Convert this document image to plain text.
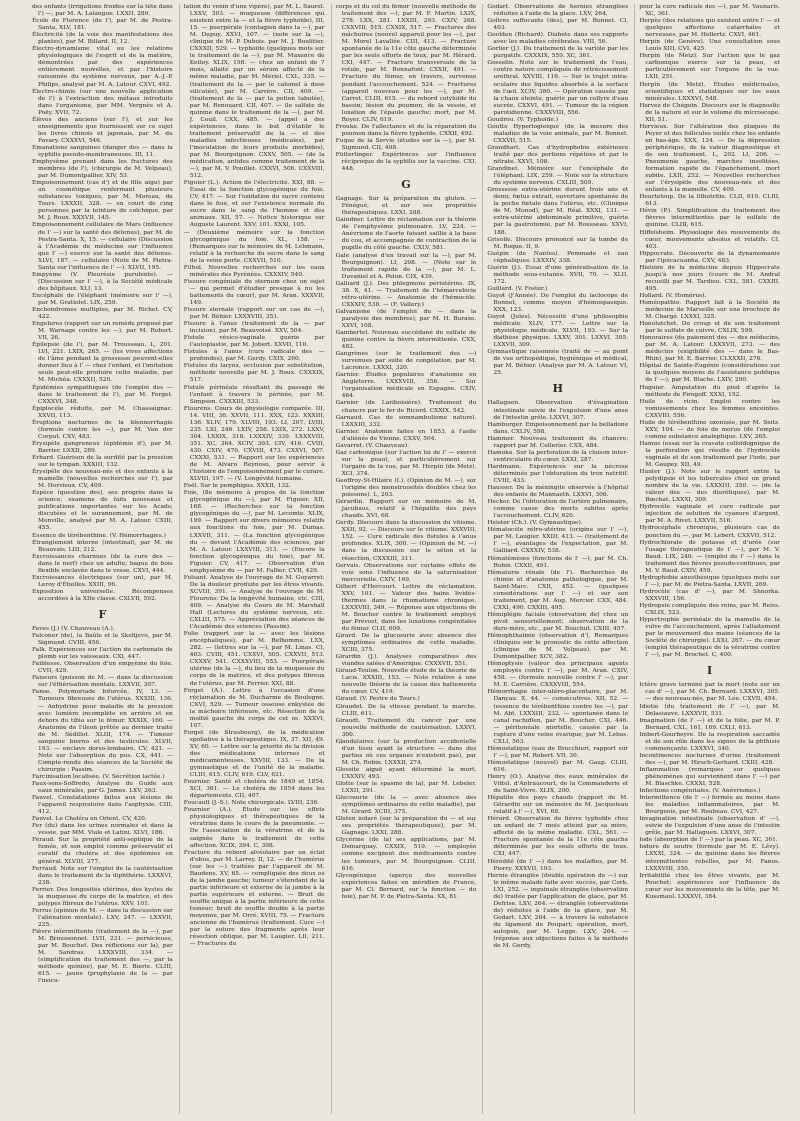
des enfants (irrigations froides sur la tête dans l') —, par M. A. Lalangue. LXXII, 289.

École de Florence (de l'), par M. de Pestra-Santa, XLV, 181.

Électricité (de la voie des manifestations des plantes), par M. Billard. II, 12.

Électro-dynamisme vital ou les relations physiologiques de l'esprit et de la matière, démontrées par des expériences entièrement nouvelles, et par l'histoire raisonnée du système nerveux, par A.-J.-P. Philips, analysé par M. A. Latour. CXVI, 492.

Électro-chimie (sur une nouvelle application de l') à l'extraction des métaux introduits dans l'organisme, par MM. Vergnès et A. Poëy. XVII, 72.

Élèves des anciens (sur l'), et sur les enseignements que fournissent sur ce sujet les livres chinois et japonais, par M. du Pavary. CXXXVI, 546.

Emanations sanguines (danger des — dans la syphilis pseudo-membraneuses. III, 11.

Emphysème prenant dans les fractures des membres (de l'), (chirurgie de M. Velpeau), par M. Dumontpallier. XIV, 53.

Empoisonnement (cas d') et de fille aigu) par un cosmétique renfermant plusieurs substances toxiques, par M. Moreau, de Tours. LXXXII, 328. — en court de cinq personnes par la teinture de colchique, par M. J. Roux. XXXVII, 145.

Empoisonnement cellulaire de Mars (influence de l' —) sur la santé des détenus), par M. de Pestra-Santa. X, 15. — cellulaire (Discussion à l'Académie de médecine sur l'influence que l' —) exerce sur la santé des détenus. XLVI, 187. — cellulaire (Note de M. Pietra-Santa sur l'influence de l' —). XLVII, 195.

Empyème (V. Pleurésie purulente). — (Discussion sur l' —), à la Société médicale des hôpitaux. XLI, 13.

Encéphale de l'éléphant (mémoire sur l' —), par M. Gratiolet. LIX, 259.

Enchondromes multiples, par M. Richet. CV, 422.

Engelures (rapport sur un remède proposé par M. Warnage contre les —), par M. Robert. VII, 26.

Épilepsie (de l'), par M. Trousseau. L, 201. LVI, 221. LXIX, 265. — (les vives affections de l'âme pendant la grossesse peuvent-elles donner lieu à l' — chez l'enfant, et l'imitation seule peut-elle produire cette maladie, par M. Michéa. CXXXII, 520.

Épidémies sympathiques (de l'emploi des — dans le traitement de l'), par M. Forget. CXXXVI, 348.

Épiplocèle réduite, par M. Chassaignac. XXVII, 113.

Éruptions nocturnes de la blennorrhagie (formule contre les —), par M. Van der Corput. CXV, 483.

Érysipèle gangreneux (épidémie d'), par M. Barrier. LXXII, 289.

Erhard. Guérison de la surdité par la pression sur le tympan. XXXIII, 132.

Érysipèle des nouveau-nés et des enfants à la mamelle (nouvelles recherches sur l'), par M. Hervieux. CV, 409.

Espèce (question des), ses progrès dans la science; examens de faits nouveaux et publications importantes sur les Acads; discutées et le surannement, par M. de Monville, analysé par M. A. Latour. CXIII, 455.

Essence de térébenthine. (V. Hémorrhagies.)

Étranglement interne (intestinal), par M. de Beauvais. LIII, 212.

Excroissances charnues (de la cure des — dans le nerf) chez un adulte; bague de bois flexible enclavée dans le vesse. CXVI, 444.

Excroissances électriques (sur un), par M. Leroy d'Étiolles. XXIII, 96.

Exposition universelle. Récompenses accordées à la XIIe classe. CXLVII, 592.

F

Faves (J.) (V. Chauveau (A.).

Falconer (de), la Baûle et le Skelljevo, par M. Sigmund. CVIII, 456.

Falk. Expériences sur l'action du carbonate de plomb sur les vaisseaux. CXI, 447.

Faiblesse. Observation d'un empyème du foie. CVII, 429.

Faiseurs (poisson de M. — dans la discussion sur l'éthérisation mentale. LXXVII, 307.

Fanse. Polymoriade bifurcée, IV, 13. — Tumeurs fibreuses de l'utérus. XXXIII, 136. — Anhydrine pour maladie de la pression avec lumière incomplète en arrière et en dehors du tibia sur le fémur. XXXIX, 160. — Anatomie de l'ileon prêtée au dernier traité de M. Sédillot. XLIII, 174. — Tumeur sanguine bierno et des testicules. XLVII, 193. — enclave dorso-lombaire. CV, 421. — Note sur l'absorption du pus. CX, 441. — Compte-rendu des séances de la Société de chirurgie : Passim.

Farcinisation localisée. (V. Sécrétion lactée.)

Faux-sens-Soffredo, Analyse du Guide aux eaux minérales, par G. James. LXV, 263.

Fauvel. Constatations faites aux lésions de l'appareil respiratoire dans l'asphyxie. CIII, 412.

Fauvel. Le Choléra en Orient. CV, 420.

Fer (du) dans les urines normales et dans la vessie, par MM. Viale et Latini. XLVI, 186.

Féraud. Sur la propriété anti-septique de la fumée, et son emploi comme préservatif et curatif du choléra et des épidémies en général. XLVIII, 277.

Ferraud. Note sur l'emploi de la cautérisation dans le traitement de la diphthérie. LXXXVI, 238.

Ferrier. Des longosités utérines, des kystes de la muqueuse du corps de la matrice, et des polypes fibreux de l'utérus. XXV, 101.

Ferrus (opinion de M. — dans la discussion sur l'aliénation mentale). LXV, 247. — LXXVII, 225.

Fièvre intermittente (traitement de la —), par M. Broussonnet. LVII, 231. — pernicieuse, par M. Bouchet. Des réflexions sur la), par M. Sandras. LXXXVIII, 334. — (simplification du traitement des —, par la méthode quinine), par M. E. Bierie. CLIII, 615. — jaune (prophylaxie de la — par l'inocu-

lation du venin d'une vipère), par M. L. Saurel. LXXV, 303. — muqueuse (différences qui existent entre la — et la fièvre typhoïde), III, 15. — puerpérale (contagion dans la —), par M. Dupuy. XXVI, 107. — (note sur la —), clinique de M. P. Dubois. par M. J. Boulitier. CXXXII, 529. — typhoïde (quelques mots sur le traitement de la —), par M. Maxence de Ketley. XLIX, 198. — chez un enfant de 7 mois, allaité par un sérum affecté de la même maladie, par M. Mériel. CXL, 335. — (traitement de la — par le calomel à dose silicatée), par M. Carrère. CII, 409. — (traitement de la — par la potion tabulée), par M. Renouard. CII, 407. — (le salfate de quinine dans le traitement de la —), par M. J. Couil. CXX, 485. — (appel à des expériences, dans le but d'établir le traitement préservatif de la — et des maladies infectieuses (médicales), par l'inoculation de leurs produits morbides), par M. Bourguignon. CXXV, 505. — (de la médication, antides comme traitement de la —), par M. V. Pouillet. CXXVI, 506. CXXVIII, 512.

Figuier (L.). Action de l'électricité. XXI, 88. — Essai de la fonction glycogénique du foie. CV, 417. — Sur l'ozidation du sucre contenu dans le foie, et sur l'existence normale du sucre dans le sang de l'homme et des animaux. XII, 57. — Notice historique sur Auguste Laurent. XXV, 101. XXXI, 105.

— (Deuxième mémoire sur la fonction glycogénique du foie. XL, 158. — (Remarques sur le mémoire de M. Lehmann, relatif à la recherche du sucre dans le sang de la veine porte. CXXVII, 510.

Filhol. Nouvelles recherches sur les eaux minérales des Pyrénées. CXXXIV, 540.

Fissure congéniale du sternum chez un sujet — qui permet d'étudier presque à nu les battements du cœur), par M. Aran. XXXVII, 149.

Fissure sternale (rapport sur un cas de —), par M. Béhier. LXXXVIII, 351.

Fissure à l'anus (traitement de la — par incision), par M. Beauvoisé. XXV, 504.

Fistule vésico-vaginale guérie par l'autoplastie, par M. Jobert. XXVII, 110.

Fistules à l'anus (cure radicale des — profondes), par M. Gerdy. CXIX, 260.

Fistules du larynx, occlusion par substitution, méthode nouvelle par M. J. Roux. CXXXIX, 517.

Fistule périnéale résultant du passage de l'enfant à travers le périnée, par M. Simpson. CXXXIII, 533.

Flourens. Cours de physiologie comparée. III, 14. VIII, 36. XXVII, 111. XXX, 123. XXXIII, 136. XLIV, 179. XLVIII, 193. LI, 207. LVIII, 235. LXI, 246. LXIV, 258. LXIX, 272. LXXV, 304. LXXIX, 318. LXXXIV, 339. LXXXVIII, 351. XC, 364. XCIV, 393. CIV, 416. CVIII, 430. CXIV, 470. CXVIII, 473. CXXVI, 507. CXXXI, 531. — Rapport sur les expériences de M. Alvaro Reynoso, pour servir à l'histoire de l'empoisonnement par le curare. XLVIII, 197. — (V. Longévité humaine.

Foël. Sur le pemphigus. XXXII, 132.

Foie, (8e mémoire à propos de la fonction glycogénique du —), par M. Figuier. XII, 168. — (Recherches sur la fonction glycogénique du —), par M. Lecomte. XLIX, 199. — Rapport sur divers mémoires relatifs aux fonctions du foie, par M. Dumas. LXXVII, 311. — (La fonction glycogénique du — devant l'Académie des sciences, par M. A. Latour. LXXVIII, 313. — (Encore la fonction glycogénique du foie), par M. Figuier. CV, 417. — Observation d'un emphysème du — par M. Fallier. CVII, 429.

Folsant. Analyse de l'ouvrage de M. Guyarret: De la douleur produite par les êtres vivants. XCVIII, 391. — Analyse de l'ouvrage de M. Flourens: De la longévité humaine, etc. CIII, 409. — Analyse du Cours de M. Marshall Hall (Lectures du système nerveux, etc. CXLIII, 575. — Appréciation des séances de l'Académie des sciences (Passim).

Folie (rapport sur la — avec les lésions encéphaliques), par M. Belhomme. LXX, 282. — (lettres sur la —), par M. Linas. CI, 403. CVIII, 451. CXXVI, 505. CXXVII, 513. CXXXV, 541. CXXXVIII, 553. — Puerpérale utérine (de la —), du lieu de la muqueuse du corps de la matrice, et des polypes fibreux de l'utérus, par M. Ferrier. XXI, 88.

Forget (A.). Lettre à l'occasion d'une réclamation de M. Ducharme de Boulogne. CXVI, 529. — Tumeur osseuse enkystée de la mâchoire inférieure, etc. Résection de la moitié gauche du corps de cet os. XXXVI, 107.

Forget (de Strasbourg), de la médication spoliative à la thérapeutique. IX, 37. XII, 49. XV, 60. — Lettre sur la priorité de la division des médications internes et médicamenteuses. XXVIII, 133. — De la gymnastique et de l'unité de la maladie. CLIII, 615. CLIV, 619. CLV, 621.

Fournier. Santé et choléra de 1849 et 1854. XCI, 361. — Le choléra de 1854 dans les départements. CII, 407.

Foucault (J.-S.). Note chirurgicale. LVIII, 236.

Fournier (A.). Étude sur les effets physiologiques et thérapeutiques de la vératrine dans le cours de la pneumonie. — De l'association de la vératrine et de la saignée dans le traitement de cette affection. XCIX, 394. C, 398.

Fracture du rebord alvéolaire par un éclat d'obus, par M. Larrey. II, 12. — de l'humérus (sur les —) traitées par l'appareil de M. Baudens. XV, 65. — compliquée des deux os de la jambe gauche; tumeur s'étendant de la partie inférieure et externe de la jambe à la partie supérieure et externe. — Bruit de souffle unique à la partie inférieure de cette tumeur; bruit de souffle double à la partie moyenne, par M. Orré. XVIII, 75. — Fracture ancienne de l'humérus (traitement. Cure —) par la suture des fragments après leur résection oblique, par M. Laugier. LII, 211. — Fractures du

corps et du col du fémur (nouvelle méthode de traitement des —), par M. F. Martin. LXIX, 278. LXX, 281. LXXIII, 293. CXIV, 268. CXXVIII, 515. CXXIX, 517. — Fractures des mâchoires (nouvel appareil pour les —), par M. Morel Lavallée. CIII, 413. — Fracture spontanée de la 11e côte gauche déterminée par les seuls efforts de toux, par M. Hérard. CXI, 447. — Fracture transversale de la rotule, par M. Bonnafont. CXXII, 491. — Fracture du fémur, en travers, survenue pendant l'accouchement. 524. — Fractures (appareil nouveau pour les —), par M. Carret. CLIII, 615. — du rebord cotyloïde du bassin; lésion du poumon, de la vessie, et luxation de l'épaule gauche; mort, par M. Royer. CLIV, 619.

Frouke. De l'allectance et de la réparation du poumon dans la fièvre typhoïde. CXXII, 492.

Fuque de la Servie (études sur la —), par M. Sigmund. CII, 408.

Fütterlinger. Expériences sur l'influence réciproque de la syphilis sur la vaccine. CXI, 448.

G

Gagnage. Sur la préparation du gluten. — Fénégué, et sur ses propriétés thérapeutiques. LXXI, 288.

Gaindner. Lettre de réclamation sur la théorie de l'emphysème pulmonaire. LV, 224. — Anévrisme de l'aorte faisant saillie à la base du cou, et accompagnée de contraction de la pupille du côté gauche. CXLV, 581.

Gale (analyse d'un travail sur la —), par M. Bourguignon). LI, 208. — (Note sur le traitement rapide de la —), par M. L. Duvaniel et A. Pelon. CIX, 439.

Galliard (J.). Des phlegmons périutérins. IX, 38. X, 41. — Traitement de l'hémarcelocie rétro-utérine. — Anatomie de l'hémocèle. CXXXIV, 538. — (F. Vallery.)

Galvanisme (de l'emploi du — dans la paralysie des membres), par M. H. Buraxe. XXVI, 108.

Gambertel. Nouveau succédané du sulfate de quinine contre la fièvre intermittente. CXX, 482.

Gangrènes (sur le traitement des —) survenues par suite de congélation, par M. Lacronce. LXXXI, 320.

Garnier. Études populaires d'anatomie en Angleterre. LXXXVIII, 356. — Sur l'organisation médicale en Espagne. CXIV, 464.

Garnier (de Lariboisière). Traitement du chancre par le fer de Ricord. CXXIX, 542.

Garnaud. Cas de somnambulisme naturel. LXXXIII, 332.

Garnier. Anatomie faites en 1853, à l'asile d'aliénés de Vienne. CXXV, 504.

Gavarret. (V. Chauveau).

Gaz carbonique (sur l'action lui de l' — exercé sur la peau), et particulièrement sur l'organe de la vue, par M. Herpin (de Metz). XCI, 374.

Geoffroy-St-Hilaire (I.). (Opinion de M. —), sur l'origine des monstruosités doubles chez les poissons). L, 203.

Gérardin. Rapport sur un mémoire de M. Jacubaus, relatif à l'hépatite des pays chauds. XVI, 68.

Gerdy. Discours dans la discussion du vitisme. XXII, 92. — Discours sur le vitisme. XXXVIII, 152. — Cure radicale des fistules à l'anus profondes. XLIX, 300. — (Opinion de M. —) dans la discussion sur le séton et la résection, CXXXIII, 311.

Gervais. Observations sur certains effets de voie sons l'influence de la saturnisation mercurielle. CXIV, 169.

Gilbert d'Hercourt. Lettre de réclamation. XXV, 101. — Valeur des bains lividés-thermes dans le rhumatisme chronique. LXXXVIII, 349. — Réponse aux objections de M. Boucher contre le traitement employé par Prévost, dans les luxations congénitales du fémur. CLII, 609.

Girard. De la glucosurie avec absence des symptômes ordinaires de cette maladie. XCIII, 375.

Girardin (J.). Analyses comparatives des viandes salées d'Amérique. CXXXVII, 551.

Giraud-Teulon. Nouvelle étude de la théorie de Lacis. XXXIII, 153. — Note relative à une nouvelle théorie de la cause des battements du cœur. CV, 419.

Giraud. (V. Pestre de Tours.)

Giraudet. De la vitesse pendant la marche. CLIII, 611.

Giraudt. Traitement du cancer par une nouvelle méthode de cautérisation. LXXVI, 300.

Glandulaires (sur la production accidentelle d'un tissu ayant la structure — dans des parties où ces organes n'existent pas), par M. Ch. Robin. LXXXII, 274.

Glossite aiguë ayant déterminé la mort. CXXXIV, 493.

Glotte (sur le spasme de la), par M. Lebeler. LXXII, 291.

Glucosurie (de la — avec absence des symptômes ordinaires de cette maladie), par M. Girard. XCIII, 375.

Gluten iodaré (sur la préparation du — et sur ses propriétés thérapeutiques), par M. Gagnage. LXXI, 288.

Glycérine (de la) ses applications, par M. Demarquay. CXXIX, 519. — employée comme excipient des médicaments contre les tumeurs, par M. Bourguignon. CLIII, 616.

Glycogénique (aperçu des nouvelles expériences faites en méridien de France, par M. Cl. Bernard, sur la fonction — du foie), par M. P. de Pietra-Santa. XX, 81.

Godart. Observations de hernies étranglées réduites à l'aide de la glace. LXV, 264.

Goîtres suffocants (des), par M. Bonnet. CI, 403.

Goolden (Richard). Diabète dans ses rapports avec les maladies cérébrales. VIII, 56.

Gorlier (J.). Du traitement de la variole par les purgatifs. CXXXIX, 559. XC, 361.

Gosselin. Note sur le traitement de l'eau, contre nature compliquée de rétrécissement uréthral. XXVIII, 116. — Sur le trajet intra-oculaire des liquides absorbés à la surface de l'œil. XCIV, 380. — Opération causée par la chaux éteinte, guérie par un collyre d'eau sucrée. CXXVI, 491. — Tumeur de la région parotidienne. CXXXVIII, 556.

Goudrou. (V. Typhoïde.)

Goutte Hyperlogieique (de la mesure des maladies de la voie animale, par M. Bonnet. CXXVII, 515.

Grandhart. Cas d'hydrophobie extérieure traité par des portions répétées et par le nitrate. XXVI, 108.

Grandinet. Mémoire sur l'encéphale de l'éléphant. LIX, 259. — Note sur la structure du système nerveux. CXLIII, 509.

Grossesse extra-utérine durant trois ans et demi; fœtus extrait, ouverture spontanée de la poche fœtale dans l'utérus, etc. (Clinique de M. Monod), par M. Réal. XXXI, 131. — extra-utérine abdominale primitive, guérie par la gastrotomie, par M. Rousseau. XXVI, 188.

Grisolle. Discours prononcé sur la tombe de M. Roque. II, 9.

Guépin (de Nantes). Pommade et eau céphaliques. LXXXIV, 338.

Guérin (J.). Essai d'une généralisation de la méthode sous-cutanée. XVII, 70. — XLII, 172.

Guillard. (V. Foster.)

Guyot (J'Année). De l'emploi du laclocope de Bonnet, comme moyen d'hémospasique. XXX, 123.

Guyot (Jules). Nécessité d'une philosophie médicale. XLIV, 177. — Lettre sur la physiologie médicale. XLVII, 193. — Sur la diathèse physique. LXXV, 301. LXXVI, 305. LXXVII, 309.

Gymnastique raisonnée (traité de — au point de vue orthopédique, hygiénique et médical, par M. Béhier. (Analyse par M. A. Latour. VI, 25.

H

Hallaguen. Observation d'évagination intestinale suivie de l'expulsion d'une anse de l'intestin grêle. LXXVI, 307.

Hamburger. Empoisonnement par la belladone dans. CXLIV, 598.

Hammer. Nouveau traitement du chancre; rapport par M. Cullerier. CXX, 484.

Hamoka. Sur la perforation de la cloison inter-ventriculaire du cœur. LXXI, 287.

Hardmann. Expériences sur la nécrose déterminée par l'obturation du tron nutritif. CVIII, 433.

Hausser. De la méningite observée à l'hôpital des enfants de Mannaeth. LXXVI, 306.

Hecker. De l'obturation de l'artère pulmonaire, comme cause des morts subites après l'accouchement. CLIV, 620.

Heister (Ch.). (V. Gymnastique).

Hématocèle rétro-utérine (origine sur l' —), par M. Laugier. XXIII, 413. — (traitement de l' —), avantages de l'expectation, par M. Galliard. CXXXIV, 538.

Hématémèses (fonctions de l' —), par M. Ch. Robin. CXXII, 491.

Hématurie rénale (de l'). Recherches de chimie et d'anatomie pathologique, par M. Saint-Marc. CXII, 452. — (quelques considérations sur l' —) et sur son traitement, par M. Aug. Mercier. CXX, 484. CXXI, 490. CXXIII, 495.

Hémiplégie faciale (observation de) chez un pivot sensoriellement; observation de la dure-mère, etc., par M. Bouchut. CXIII, 457.

Hémophthalmie (observation d'), Remarques cliniques sur le pronostic de cette affection (clinique de M. Velpeau), par M. Dumontpallier. XCV, 382.

Hémoptysie (valeur des principaux agents employés contre l' —), par M. Aran. CXIV, 458. — (formule nouvelle contre l' —), par M. E. Carrière. CXXXVIII, 554.

Hémorrhagie inter-utéro-placentaire, par M. Danyau. X, 44. — consécutives. XII, 52. — (essence de térébenthine contre les —), par M. Abt. LXXXIII, 232. — spontanée dans le canal rachidien, par M. Boucher. CXI, 446. — péritonéale mortelle, causée par la rupture d'une veine ovarique, par M. Lebas. CXLI, 563.

Hémostatique (eau de Brocchieri, rapport sur l' —), par M. Robert. VII, 30.

Hémostatique (nouvel) par M. Gaup. CLIII, 616.

Henry (O.). Analyse des eaux minérales de Vittel. d'Antraucourt, de la Commanderie et du Saint-Vivre. XLIX, 200.

Hépatite des pays chauds (rapport de M. Gérardin sur un mémoire de M. Jacqueleau relatif à l' —), XVI, 68.

Hérard. Observation de fièvre typhoïde chez un enfant de 7 mois atteint par sa mère, affecté de la même maladie. CXL, 561. — Fracture spontanée de la 11e côte gauche déterminée par les seuls efforts de toux. CXI, 447.

Hérédité (de l' —) dans les maladies, par M. Piorry. XXXVII, 193.

Hernie étranglée (double opération de —) sur le même malade faite avec succès, par Cork. LXI, 252. — inguinale étranglée (observation de) traitée par l'application de glace, par M. Defrise. LXV, 264. — étranglée (observations de) réduites à l'aide de la glace, par M. Godart. LXV, 264. — à travers la substance du ligament de Poupart; opération, mort, autopsie, par M. Legge. LXV, 264. — (réponse aux objections faites à la méthode de M. Gerdy,

pour la cure radicale des —), par M. Vaunaris. XC, 361.

Herpès (des relations qui existent entre l' — et quelques affections catarrhales et nerveuses, par M. Hellertz. CXVI, 461.

Herpin (de Genève). Une consultation sous Louis XIII. CVI, 425.

Herpin (de Metz). Sur l'action que le gaz carbonique exerce sur la peau, et particulièrement sur l'organe de la vue. LXII, 251.

Herpin (de Metz). Études médicinales, scientifiques et statistiques sur les eaux minérales. LXXXVI, 548.

Hervez de Chégoin. Discours sur le diagnostic de la nature et sur le volume du microscope. XII, 51.

Hervieux. Sur l'altération des plaques de Peyer et des follicules isolés chez les enfants en bas-âge. XXX, 124. — De la dépression périphérique, de la valeur diagnostique et de son traitement. L, 202. LI, 206. — Pneumonie gauche, marches insolitées, formation rapide de l'épanchement, mort subite. LXII, 252. — Nouvelles recherches sur l'érysipèle des nouveau-nés et des enfants à la mamelle. CV, 409.

Heurteloup. De la lithotritie. CLII, 610. CLIII, 613.

Hévin (P.). Simplification du traitement des fièvres intermittentes par le sulfate de quinine. CLIII, 615.

Hiffelsheim. Physiologie des mouvements du cœur, mouvements absolus et relatifs. CI, 403.

Hippocrate. Découverte de la dynamomanie par l'ipécacuanha. CXV, 483.

Histoire de la médecine depuis Hippocrate jusqu'à nos jours (cours de M. Andral recueilli par M. Tardieu. CXL, 581. CXXIII, 495.

Hollard. (V. Homérus).

Homéopathie. Rapport fait à la Société de médecine de Marseille sur une brochure de M. Chargé. LXXXI, 325.

Honolutchet. Du croup et de son traitement par le sulfate de cuivre. CXLIX, 599.

Honoraires (du paiement des — des médecins, par M. A. Latour. LXXXVII, 273. — des médecins (exigibilité des — dans le Bas-Rhin), par M. E. Barrier. CLXXXII, 276.

Hôpital de Sainte-Eugénie (considérations sur la quelques moyens de l'assistance publique de l' —), par M. Blache. LXIV, 290.

Huguier. Amputation du pied d'après la méthode de Pirogoff. XXXI, 152.

Huile de ricin. Emploi contre les vomissements chez les femmes enceintes. CXXVIII, 556.

Huile de térébenthine ozonisée, par M. Seitz. XXV, 104. — de foie de morue (de l'emploi comme substance analeptique. LXV, 265.

Hamus (essai sur la cravate colloïdognique de la perforation qui résulte de l'hydrocèle vaginale et de son traitement par l'iode, par M. Gaupey. XII, 49.

Hunter (J.). Note sur le rapport entre la polydipsie et les tubercules chez un grand nombre de la vie. LXXXIII, 350. — (de la valeur des — des diurétiques), par M. Bœchat. LXXXI, 309.

Hydrocèle vaginale et cure radicale par injection de solution de cyanure d'argent, par M. A. Rivet. LXXVII, 516.

Hydrocéphale chronique, plusieurs cas de ponction du —, par M. Lebert. CXXVII, 512.

Hydrochlorate de potasse et d'urée (sur l'usage thérapeutique de l' —), par M. V. Baud. LIX, 240. — (emploi de l' —) dans le traitement des fièvres pseudo-continues, par M. V. Baud. CXIV, 459.

Hydrophobie anesthésique (quelques mots sur l' —), par M. de Pietra-Santa. LXVII, 269.

Hydrocèle (cas d' —), par M. Shnorka. XXXVIII, 156.

Hydropsie compliquée des reins, par M. Reiss. CXLIX, 523.

Hypertrophie perinéale de la mamelle de la vulve de l'accouchement, après l'allaitement par le mouvement des mains (séances de la Société de chirurgie). LXXI, 267. — du cœur (emploi thérapeutique de la vératrine contre l' —), par M. Brochet. C, 400.

I

Ictère grave terminé par la mort (note sur un cas d' —), par M. Ch. Bernard. LXXXVI, 305. — des nouveau-nés, par M. Lée. CXVII, 454.

Idiotie (du traitement de l' —), par M. Delasiauve. LXXXVII, 531.

Imagination (de l' —) et de la folie, par M. P. Bernard. CXL, 161, 169. CXLI, 613.

Imbert-Gourbeyre. De la respiration saccadée et de son rôle dans les signes de la phthisie commençante. LXXXVI, 340.

Incontinences nocturnes d'urine (traitement des —), par M. Hirsch-Gerhard. CXIII, 428.

Inflammation (remarques sur quelques phénomènes qui surviennent dans l' —) par M. Blaschke. CXXXI, 528.

Infections congénitales. (V. Anévrismes.)

Intermittence (de l' —) formée au moins dans les maladies inflammatoires, par M. Bourgeois, par M. Roubeau. CVI, 427.

Invagination intestinale (observation d' —), suivie de l'expulsion d'une anse de l'intestin grêle, par M. Hallaguen. LXXVI, 307.

Iode (absorption de l' —) par la peau. XC, 361.

Iodure de soufre (formule par M. E. Lévy). LXXXI, 324. — de quinine dans les fièvres intermittentes rebelles, par M. Fanos. LXXXVIII, 350.

Irritabilité chez les êtres vivants, par M. Pouchet; expériences sur l'influence du cœur sur les mouvements de la tête, par M. Kussmaul. LXXXVI, 384.
